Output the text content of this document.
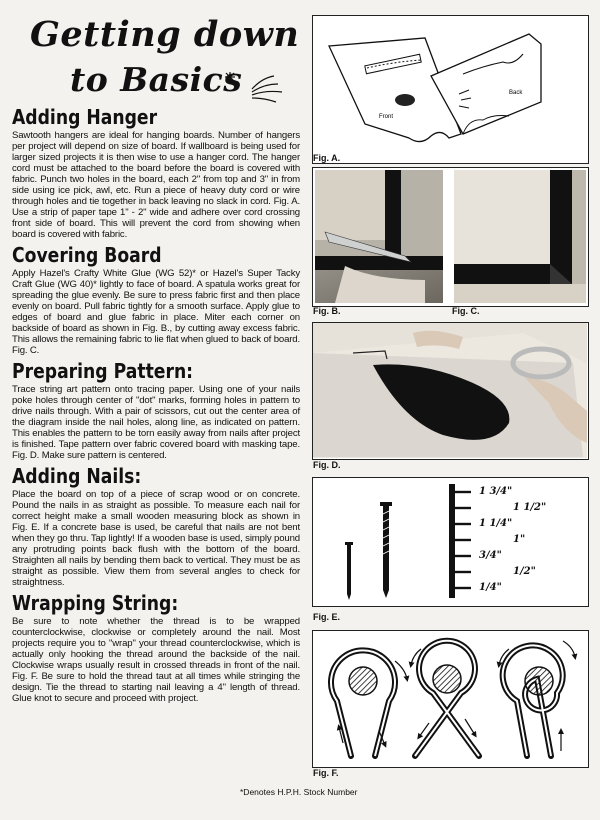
Getting down
to Basics
Adding Hanger

Sawtooth hangers are ideal for hanging boards. Number of hangers per project will depend on size of board. If wallboard is being used for larger sized projects it is then wise to use a hanger cord. The hanger cord must be attached to the board before the board is covered with fabric. Punch two holes in the board, each 2" from top and 3" in from side using ice pick, awl, etc. Run a piece of heavy duty cord or wire through holes and tie together in back leaving no slack in cord. Fig. A. Use a strip of paper tape 1" - 2" wide and adhere over cord crossing front side of board. This will prevent the cord from showing when board is covered with fabric.

Covering Board

Apply Hazel's Crafty White Glue (WG 52)* or Hazel's Super Tacky Craft Glue (WG 40)* lightly to face of board. A spatula works great for spreading the glue evenly. Be sure to press fabric first and then place evenly on board. Pull fabric tightly for a smooth surface. Apply glue to edges of board and glue fabric in place. Miter each corner on backside of board as shown in Fig. B., by cutting away excess fabric. This allows the remaining fabric to lie flat when glued to back of board. Fig. C.

Preparing Pattern:

Trace string art pattern onto tracing paper. Using one of your nails poke holes through center of "dot" marks, forming holes in pattern to drive nails through. With a pair of scissors, cut out the center area of the diagram inside the nail holes, along line, as indicated on pattern. This enables the pattern to be torn easily away from nails after project is finished. Tape pattern over fabric covered board with masking tape. Fig. D. Make sure pattern is centered.

Adding Nails:

Place the board on top of a piece of scrap wood or on concrete. Pound the nails in as straight as possible. To measure each nail for correct height make a small wooden measuring block as shown in Fig. E. If a concrete base is used, be careful that nails are not bent when they go thru. Tap lightly! If a wooden base is used, simply pound any protruding points back flush with the bottom of the board. Straighten all nails by bending them back to vertical. They must be as straight as possible. View them from several angles to check for straightness.

Wrapping String:

Be sure to note whether the thread is to be wrapped counterclockwise, clockwise or completely around the nail. Most projects require you to "wrap" your thread counterclockwise, which is actually only hooking the thread around the backside of the nail. Clockwise wraps usually result in crossed threads in front of the nail. Fig. F. Be sure to hold the thread taut at all times while stringing the design. Tie the thread to starting nail leaving a 4" length of thread. Glue knot to secure and proceed with project.

Front
Back
Fig. A.
Fig. B.	Fig. C.
Fig. D.
1 3/4"
1 1/2"
1 1/4"
1"
3/4"
1/2"
1/4"
Fig. E.
Fig. F.
*Denotes H.P.H. Stock Number
